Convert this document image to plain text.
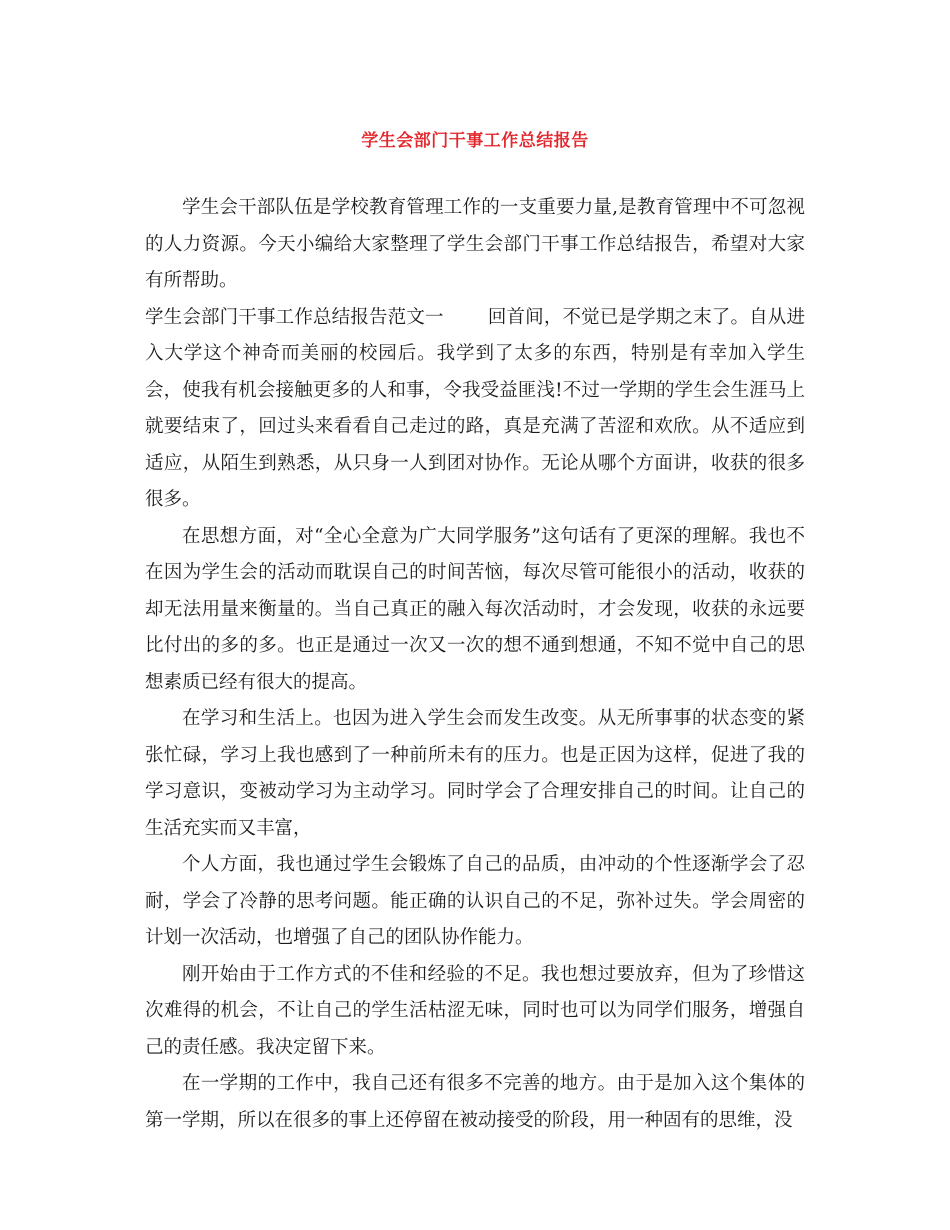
学生会部门干事工作总结报告

学生会干部队伍是学校教育管理工作的一支重要力量,是教育管理中不可忽视的人力资源。今天小编给大家整理了学生会部门干事工作总结报告，希望对大家有所帮助。

学生会部门干事工作总结报告范文一 回首间，不觉已是学期之末了。自从进入大学这个神奇而美丽的校园后。我学到了太多的东西，特别是有幸加入学生会，使我有机会接触更多的人和事，令我受益匪浅!不过一学期的学生会生涯马上就要结束了，回过头来看看自己走过的路，真是充满了苦涩和欢欣。从不适应到适应，从陌生到熟悉，从只身一人到团对协作。无论从哪个方面讲，收获的很多很多。

在思想方面，对“全心全意为广大同学服务”这句话有了更深的理解。我也不在因为学生会的活动而耽误自己的时间苦恼，每次尽管可能很小的活动，收获的却无法用量来衡量的。当自己真正的融入每次活动时，才会发现，收获的永远要比付出的多的多。也正是通过一次又一次的想不通到想通，不知不觉中自己的思想素质已经有很大的提高。

在学习和生活上。也因为进入学生会而发生改变。从无所事事的状态变的紧张忙碌，学习上我也感到了一种前所未有的压力。也是正因为这样，促进了我的学习意识，变被动学习为主动学习。同时学会了合理安排自己的时间。让自己的生活充实而又丰富，

个人方面，我也通过学生会锻炼了自己的品质，由冲动的个性逐渐学会了忍耐，学会了冷静的思考问题。能正确的认识自己的不足，弥补过失。学会周密的计划一次活动，也增强了自己的团队协作能力。

刚开始由于工作方式的不佳和经验的不足。我也想过要放弃，但为了珍惜这次难得的机会，不让自己的学生活枯涩无味，同时也可以为同学们服务，增强自己的责任感。我决定留下来。

在一学期的工作中，我自己还有很多不完善的地方。由于是加入这个集体的第一学期，所以在很多的事上还停留在被动接受的阶段，用一种固有的思维，没
